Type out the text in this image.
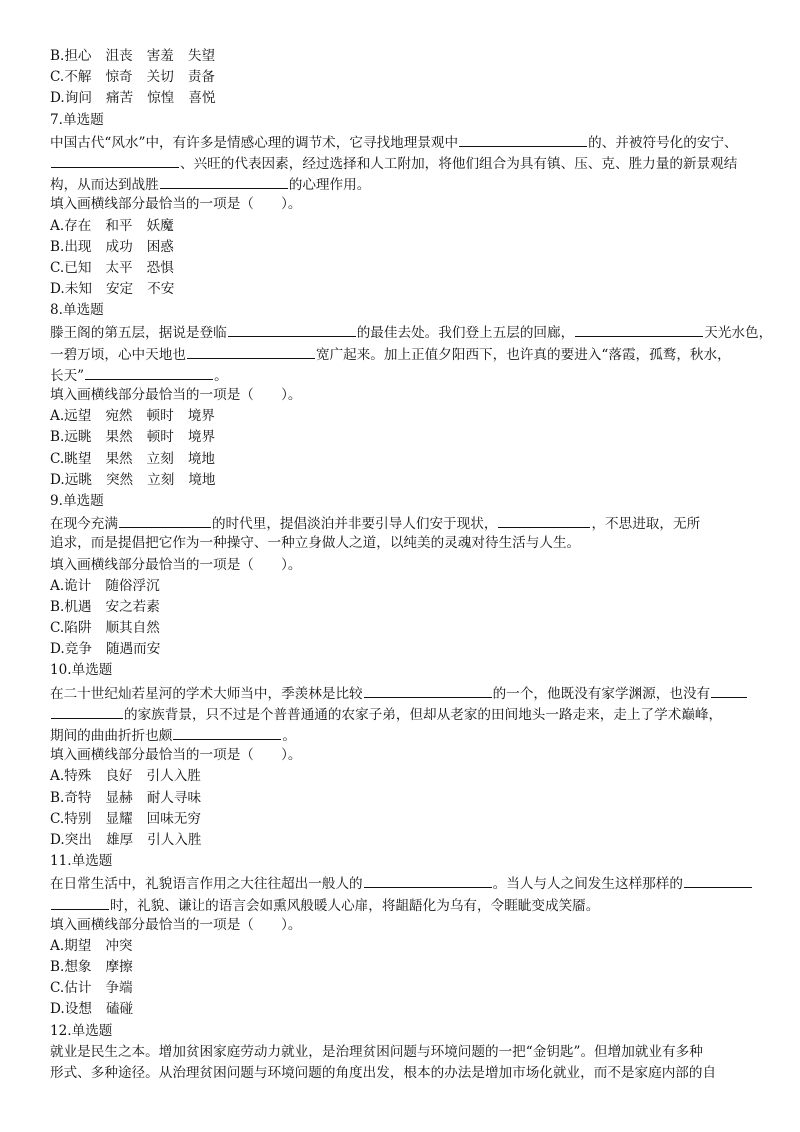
B.担心 沮丧 害羞 失望
C.不解 惊奇 关切 责备
D.询问 痛苦 惊惶 喜悦
7.单选题
中国古代“风水”中，有许多是情感心理的调节术，它寻找地理景观中	的、并被符号化的安宁、
、兴旺的代表因素，经过选择和人工附加，将他们组合为具有镇、压、克、胜力量的新景观结
构，从而达到战胜	的心理作用。
填入画横线部分最恰当的一项是（　　）。
A.存在 和平 妖魔
B.出现 成功 困惑
C.已知 太平 恐惧
D.未知 安定 不安
8.单选题
滕王阁的第五层，据说是登临	的最佳去处。我们登上五层的回廊，	天光水色，
一碧万顷，心中天地也	宽广起来。加上正值夕阳西下，也许真的要进入“落霞，孤鹜，秋水，
长天”	。
填入画横线部分最恰当的一项是（　　）。
A.远望 宛然 顿时 境界
B.远眺 果然 顿时 境界
C.眺望 果然 立刻 境地
D.远眺 突然 立刻 境地
9.单选题
在现今充满	的时代里，提倡淡泊并非要引导人们安于现状，	，不思进取，无所
追求，而是提倡把它作为一种操守、一种立身做人之道，以纯美的灵魂对待生活与人生。
填入画横线部分最恰当的一项是（　　）。
A.诡计 随俗浮沉
B.机遇 安之若素
C.陷阱 顺其自然
D.竞争 随遇而安
10.单选题
在二十世纪灿若星河的学术大师当中，季羡林是比较	的一个，他既没有家学渊源，也没有
的家族背景，只不过是个普普通通的农家子弟，但却从老家的田间地头一路走来，走上了学术巅峰，
期间的曲曲折折也颇	。
填入画横线部分最恰当的一项是（　　）。
A.特殊 良好 引人入胜
B.奇特 显赫 耐人寻味
C.特别 显耀 回味无穷
D.突出 雄厚 引人入胜
11.单选题
在日常生活中，礼貌语言作用之大往往超出一般人的	。当人与人之间发生这样那样的
时，礼貌、谦让的语言会如熏风般暖人心扉，将龃龉化为乌有，令睚眦变成笑靥。
填入画横线部分最恰当的一项是（　　）。
A.期望 冲突
B.想象 摩擦
C.估计 争端
D.设想 磕碰
12.单选题
就业是民生之本。增加贫困家庭劳动力就业，是治理贫困问题与环境问题的一把“金钥匙”。但增加就业有多种
形式、多种途径。从治理贫困问题与环境问题的角度出发，根本的办法是增加市场化就业，而不是家庭内部的自
